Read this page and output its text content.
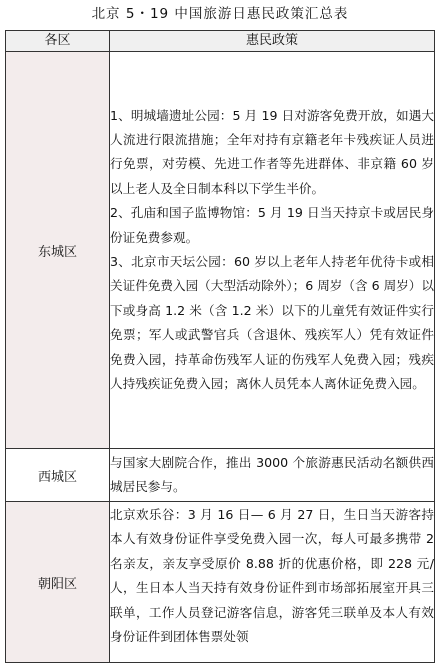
北京 5・19 中国旅游日惠民政策汇总表
各区	惠民政策
东城区	1、明城墙遗址公园：5 月 19 日对游客免费开放，如遇大人流进行限流措施；全年对持有京籍老年卡残疾证人员进行免票，对劳模、先进工作者等先进群体、非京籍 60 岁以上老人及全日制本科以下学生半价。

2、孔庙和国子监博物馆：5 月 19 日当天持京卡或居民身份证免费参观。

3、北京市天坛公园：60 岁以上老年人持老年优待卡或相关证件免费入园（大型活动除外）；6 周岁（含 6 周岁）以下或身高 1.2 米（含 1.2 米）以下的儿童凭有效证件实行免票；军人或武警官兵（含退休、残疾军人）凭有效证件免费入园，持革命伤残军人证的伤残军人免费入园；残疾人持残疾证免费入园；离休人员凭本人离休证免费入园。

西城区	与国家大剧院合作，推出 3000 个旅游惠民活动名额供西城居民参与。

朝阳区	北京欢乐谷：3 月 16 日— 6 月 27 日，生日当天游客持本人有效身份证件享受免费入园一次，每人可最多携带 2 名亲友，亲友享受原价 8.88 折的优惠价格，即 228 元/人，生日本人当天持有效身份证件到市场部拓展室开具三联单，工作人员登记游客信息，游客凭三联单及本人有效身份证件到团体售票处领
